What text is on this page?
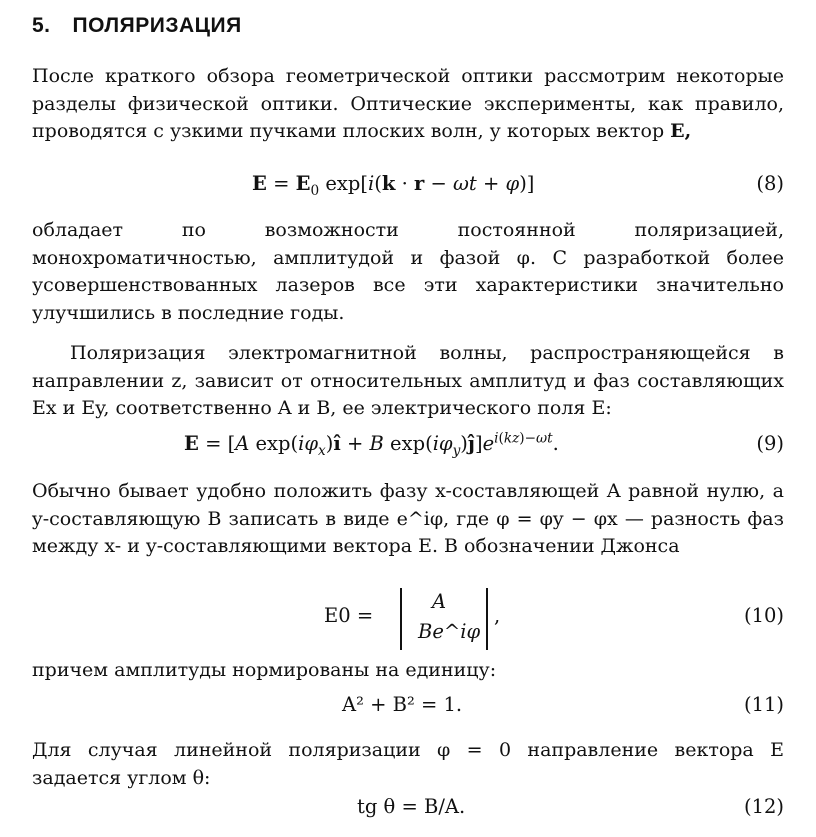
5. ПОЛЯРИЗАЦИЯ

После краткого обзора геометрической оптики рассмотрим некоторые разделы физической оптики. Оптические эксперименты, как правило, проводятся с узкими пучками плоских волн, у которых вектор E,

$E = E_0$ exp[i(k · r − ωt + φ)]	(8)

обладает по возможности постоянной поляризацией, монохроматичностью, амплитудой и фазой φ. С разработкой более усовершенствованных лазеров все эти характеристики значительно улучшились в последние годы.

Поляризация электромагнитной волны, распространяющейся в направлении z, зависит от относительных амплитуд и фаз составляющих Ex и Ey, соответственно A и B, ее электрического поля E:

E = [A $\exp(i\varphi_x)î + B$ $\exp(i\varphi_y)ĵ]e^{i(kz)-\omega t}$.	(9)

Обычно бывает удобно положить фазу x-составляющей A равной нулю, а y-составляющую B записать в виде e^iφ, где φ = φy − φx — разность фаз между x- и y-составляющими вектора E. В обозначении Джонса

E0 =
A
Be^iφ
,	(10)

причем амплитуды нормированы на единицу:

A² + B² = 1.	(11)

Для случая линейной поляризации φ = 0 направление вектора E задается углом θ:

tg θ = B/A.	(12)
